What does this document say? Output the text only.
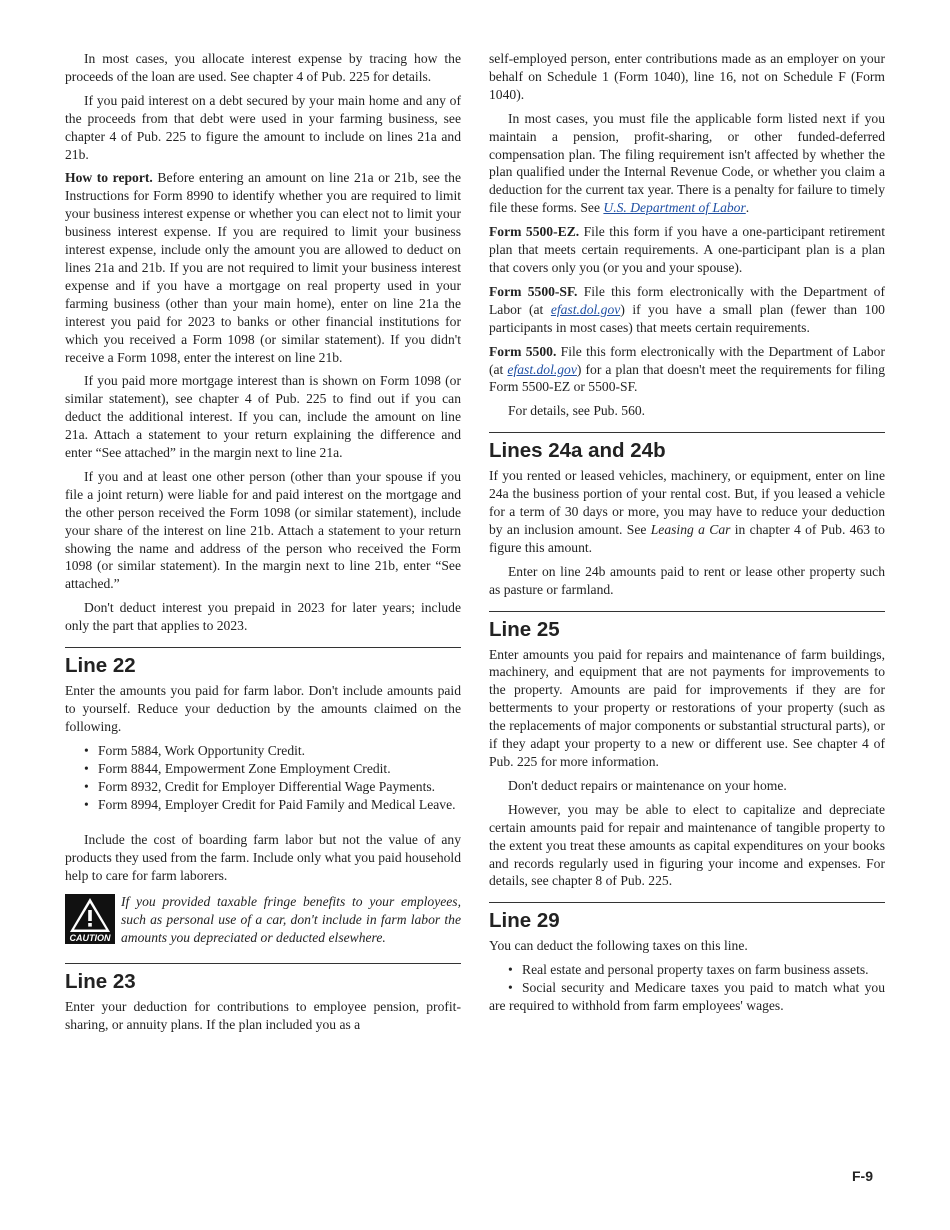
In most cases, you allocate interest expense by tracing how the proceeds of the loan are used. See chapter 4 of Pub. 225 for details.

If you paid interest on a debt secured by your main home and any of the proceeds from that debt were used in your farming business, see chapter 4 of Pub. 225 to figure the amount to include on lines 21a and 21b.

How to report. Before entering an amount on line 21a or 21b, see the Instructions for Form 8990 to identify whether you are required to limit your business interest expense or whether you can elect not to limit your business interest expense. If you are required to limit your business interest expense, include only the amount you are allowed to deduct on lines 21a and 21b. If you are not required to limit your business interest expense and if you have a mortgage on real property used in your farming business (other than your main home), enter on line 21a the interest you paid for 2023 to banks or other financial institutions for which you received a Form 1098 (or similar statement). If you didn't receive a Form 1098, enter the interest on line 21b.

If you paid more mortgage interest than is shown on Form 1098 (or similar statement), see chapter 4 of Pub. 225 to find out if you can deduct the additional interest. If you can, include the amount on line 21a. Attach a statement to your return explaining the difference and enter “See attached” in the margin next to line 21a.

If you and at least one other person (other than your spouse if you file a joint return) were liable for and paid interest on the mortgage and the other person received the Form 1098 (or similar statement), include your share of the interest on line 21b. Attach a statement to your return showing the name and address of the person who received the Form 1098 (or similar statement). In the margin next to line 21b, enter “See attached.”

Don't deduct interest you prepaid in 2023 for later years; include only the part that applies to 2023.

Line 22

Enter the amounts you paid for farm labor. Don't include amounts paid to yourself. Reduce your deduction by the amounts claimed on the following.

• Form 5884, Work Opportunity Credit.
• Form 8844, Empowerment Zone Employment Credit.
• Form 8932, Credit for Employer Differential Wage Payments.
• Form 8994, Employer Credit for Paid Family and Medical Leave.

Include the cost of boarding farm labor but not the value of any products they used from the farm. Include only what you paid household help to care for farm laborers.

CAUTION
If you provided taxable fringe benefits to your employees, such as personal use of a car, don't include in farm labor the amounts you depreciated or deducted elsewhere.
Line 23

Enter your deduction for contributions to employee pension, profit-sharing, or annuity plans. If the plan included you as a

self-employed person, enter contributions made as an employer on your behalf on Schedule 1 (Form 1040), line 16, not on Schedule F (Form 1040).

In most cases, you must file the applicable form listed next if you maintain a pension, profit-sharing, or other funded-deferred compensation plan. The filing requirement isn't affected by whether the plan qualified under the Internal Revenue Code, or whether you claim a deduction for the current tax year. There is a penalty for failure to timely file these forms. See U.S. Department of Labor.

Form 5500-EZ. File this form if you have a one-participant retirement plan that meets certain requirements. A one-participant plan is a plan that covers only you (or you and your spouse).

Form 5500-SF. File this form electronically with the Department of Labor (at efast.dol.gov) if you have a small plan (fewer than 100 participants in most cases) that meets certain requirements.

Form 5500. File this form electronically with the Department of Labor (at efast.dol.gov) for a plan that doesn't meet the requirements for filing Form 5500-EZ or 5500-SF.

For details, see Pub. 560.

Lines 24a and 24b

If you rented or leased vehicles, machinery, or equipment, enter on line 24a the business portion of your rental cost. But, if you leased a vehicle for a term of 30 days or more, you may have to reduce your deduction by an inclusion amount. See Leasing a Car in chapter 4 of Pub. 463 to figure this amount.

Enter on line 24b amounts paid to rent or lease other property such as pasture or farmland.

Line 25

Enter amounts you paid for repairs and maintenance of farm buildings, machinery, and equipment that are not payments for improvements to the property. Amounts are paid for improvements if they are for betterments to your property or restorations of your property (such as the replacements of major components or substantial structural parts), or if they adapt your property to a new or different use. See chapter 4 of Pub. 225 for more information.

Don't deduct repairs or maintenance on your home.

However, you may be able to elect to capitalize and depreciate certain amounts paid for repair and maintenance of tangible property to the extent you treat these amounts as capital expenditures on your books and records regularly used in figuring your income and expenses. For details, see chapter 8 of Pub. 225.

Line 29

You can deduct the following taxes on this line.

• Real estate and personal property taxes on farm business assets.
• Social security and Medicare taxes you paid to match what you are required to withhold from farm employees' wages.
F-9
